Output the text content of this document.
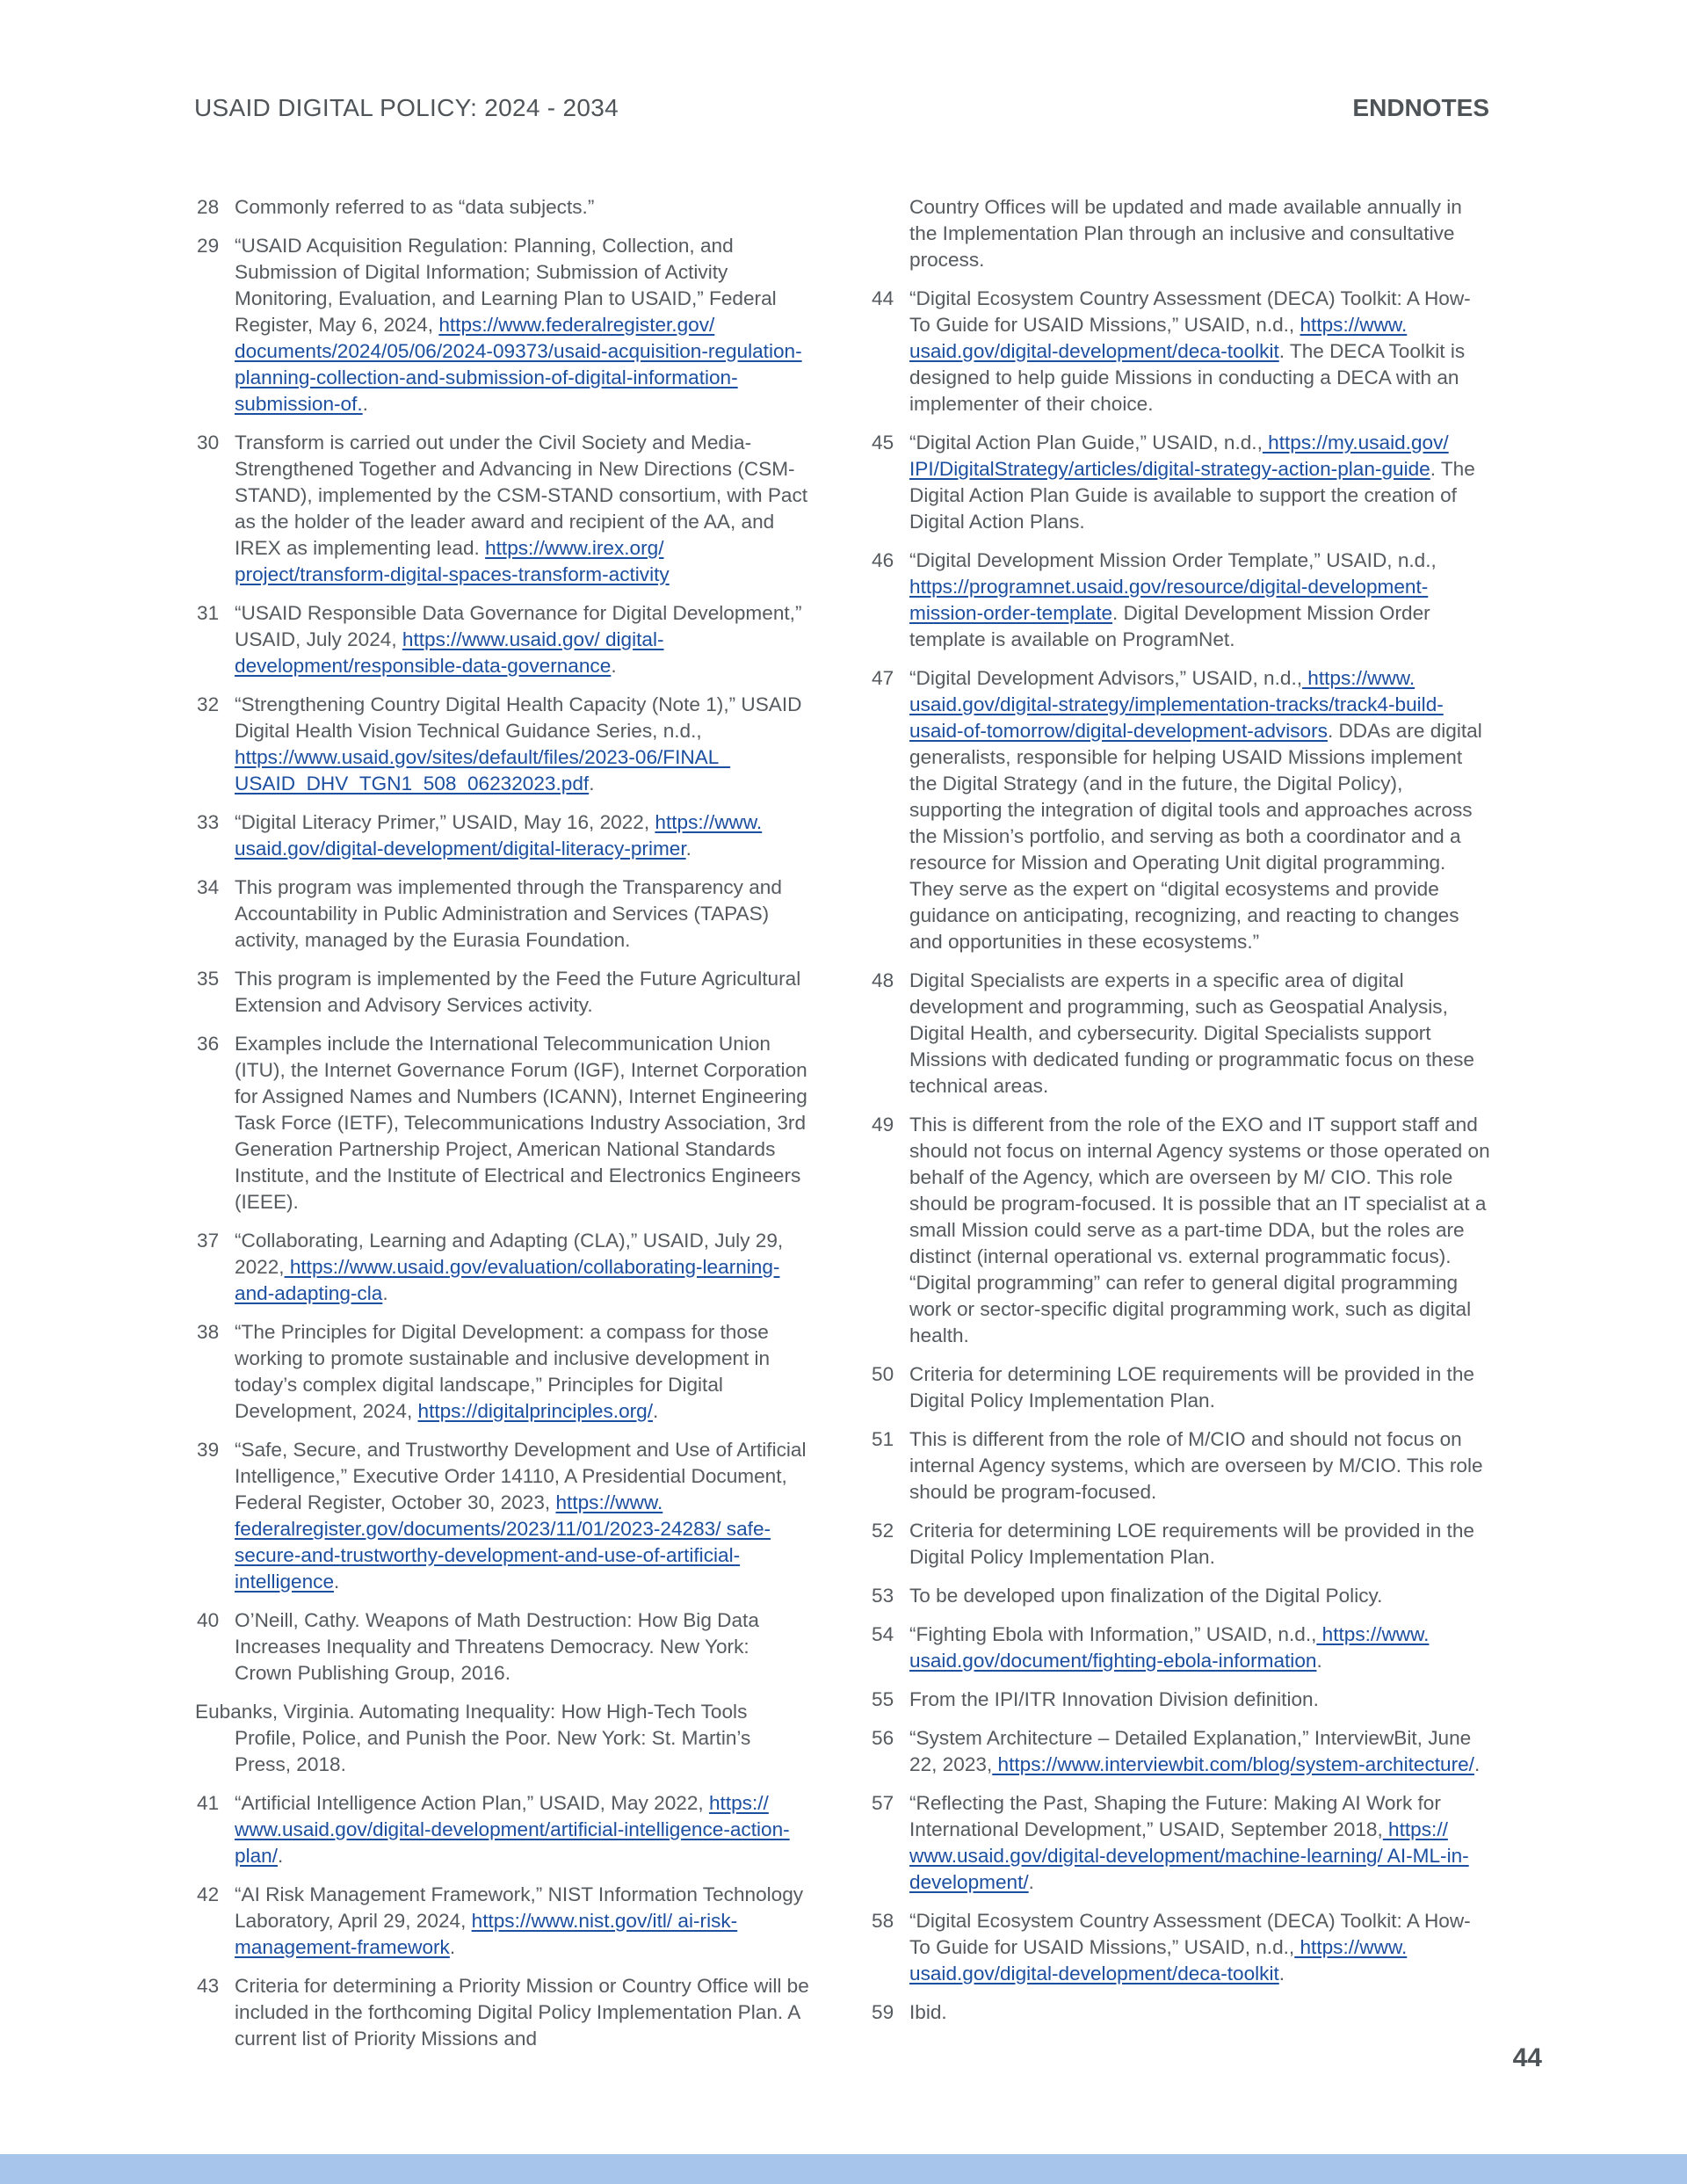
USAID DIGITAL POLICY: 2024 - 2034	ENDNOTES
28 Commonly referred to as “data subjects.”
29 “USAID Acquisition Regulation: Planning, Collection, and Submission of Digital Information; Submission of Activity Monitoring, Evaluation, and Learning Plan to USAID,” Federal Register, May 6, 2024, https://www.federalregister.gov/ documents/2024/05/06/2024-09373/usaid-acquisition-regulation-planning-collection-and-submission-of-digital-information-submission-of..
30 Transform is carried out under the Civil Society and Media-Strengthened Together and Advancing in New Directions (CSM-STAND), implemented by the CSM-STAND consortium, with Pact as the holder of the leader award and recipient of the AA, and IREX as implementing lead. https://www.irex.org/ project/transform-digital-spaces-transform-activity
31 “USAID Responsible Data Governance for Digital Development,” USAID, July 2024, https://www.usaid.gov/ digital-development/responsible-data-governance.
32 “Strengthening Country Digital Health Capacity (Note 1),” USAID Digital Health Vision Technical Guidance Series, n.d., https://www.usaid.gov/sites/default/files/2023-06/FINAL_ USAID_DHV_TGN1_508_06232023.pdf.
33 “Digital Literacy Primer,” USAID, May 16, 2022, https://www. usaid.gov/digital-development/digital-literacy-primer.
34 This program was implemented through the Transparency and Accountability in Public Administration and Services (TAPAS) activity, managed by the Eurasia Foundation.
35 This program is implemented by the Feed the Future Agricultural Extension and Advisory Services activity.
36 Examples include the International Telecommunication Union (ITU), the Internet Governance Forum (IGF), Internet Corporation for Assigned Names and Numbers (ICANN), Internet Engineering Task Force (IETF), Telecommunications Industry Association, 3rd Generation Partnership Project, American National Standards Institute, and the Institute of Electrical and Electronics Engineers (IEEE).
37 “Collaborating, Learning and Adapting (CLA),” USAID, July 29, 2022, https://www.usaid.gov/evaluation/collaborating-learning-and-adapting-cla.
38 “The Principles for Digital Development: a compass for those working to promote sustainable and inclusive development in today’s complex digital landscape,” Principles for Digital Development, 2024, https://digitalprinciples.org/.
39 “Safe, Secure, and Trustworthy Development and Use of Artificial Intelligence,” Executive Order 14110, A Presidential Document, Federal Register, October 30, 2023, https://www. federalregister.gov/documents/2023/11/01/2023-24283/ safe-secure-and-trustworthy-development-and-use-of-artificial-intelligence.
40 O’Neill, Cathy. Weapons of Math Destruction: How Big Data Increases Inequality and Threatens Democracy. New York: Crown Publishing Group, 2016.
Eubanks, Virginia. Automating Inequality: How High-Tech Tools Profile, Police, and Punish the Poor. New York: St. Martin’s Press, 2018.
41 “Artificial Intelligence Action Plan,” USAID, May 2022, https:// www.usaid.gov/digital-development/artificial-intelligence-action-plan/.
42 “AI Risk Management Framework,” NIST Information Technology Laboratory, April 29, 2024, https://www.nist.gov/itl/ ai-risk-management-framework.
43 Criteria for determining a Priority Mission or Country Office will be included in the forthcoming Digital Policy Implementation Plan. A current list of Priority Missions and
Country Offices will be updated and made available annually in the Implementation Plan through an inclusive and consultative process.
44 “Digital Ecosystem Country Assessment (DECA) Toolkit: A How-To Guide for USAID Missions,” USAID, n.d., https://www. usaid.gov/digital-development/deca-toolkit. The DECA Toolkit is designed to help guide Missions in conducting a DECA with an implementer of their choice.
45 “Digital Action Plan Guide,” USAID, n.d., https://my.usaid.gov/ IPI/DigitalStrategy/articles/digital-strategy-action-plan-guide. The Digital Action Plan Guide is available to support the creation of Digital Action Plans.
46 “Digital Development Mission Order Template,” USAID, n.d., https://programnet.usaid.gov/resource/digital-development-mission-order-template. Digital Development Mission Order template is available on ProgramNet.
47 “Digital Development Advisors,” USAID, n.d., https://www. usaid.gov/digital-strategy/implementation-tracks/track4-build-usaid-of-tomorrow/digital-development-advisors. DDAs are digital generalists, responsible for helping USAID Missions implement the Digital Strategy (and in the future, the Digital Policy), supporting the integration of digital tools and approaches across the Mission’s portfolio, and serving as both a coordinator and a resource for Mission and Operating Unit digital programming. They serve as the expert on “digital ecosystems and provide guidance on anticipating, recognizing, and reacting to changes and opportunities in these ecosystems.”
48 Digital Specialists are experts in a specific area of digital development and programming, such as Geospatial Analysis, Digital Health, and cybersecurity. Digital Specialists support Missions with dedicated funding or programmatic focus on these technical areas.
49 This is different from the role of the EXO and IT support staff and should not focus on internal Agency systems or those operated on behalf of the Agency, which are overseen by M/ CIO. This role should be program-focused. It is possible that an IT specialist at a small Mission could serve as a part-time DDA, but the roles are distinct (internal operational vs. external programmatic focus). “Digital programming” can refer to general digital programming work or sector-specific digital programming work, such as digital health.
50 Criteria for determining LOE requirements will be provided in the Digital Policy Implementation Plan.
51 This is different from the role of M/CIO and should not focus on internal Agency systems, which are overseen by M/CIO. This role should be program-focused.
52 Criteria for determining LOE requirements will be provided in the Digital Policy Implementation Plan.
53 To be developed upon finalization of the Digital Policy.
54 “Fighting Ebola with Information,” USAID, n.d., https://www. usaid.gov/document/fighting-ebola-information.
55 From the IPI/ITR Innovation Division definition.
56 “System Architecture – Detailed Explanation,” InterviewBit, June 22, 2023, https://www.interviewbit.com/blog/system-architecture/.
57 “Reflecting the Past, Shaping the Future: Making AI Work for International Development,” USAID, September 2018, https:// www.usaid.gov/digital-development/machine-learning/ AI-ML-in-development/.
58 “Digital Ecosystem Country Assessment (DECA) Toolkit: A How-To Guide for USAID Missions,” USAID, n.d., https://www. usaid.gov/digital-development/deca-toolkit.
59 Ibid.
44
